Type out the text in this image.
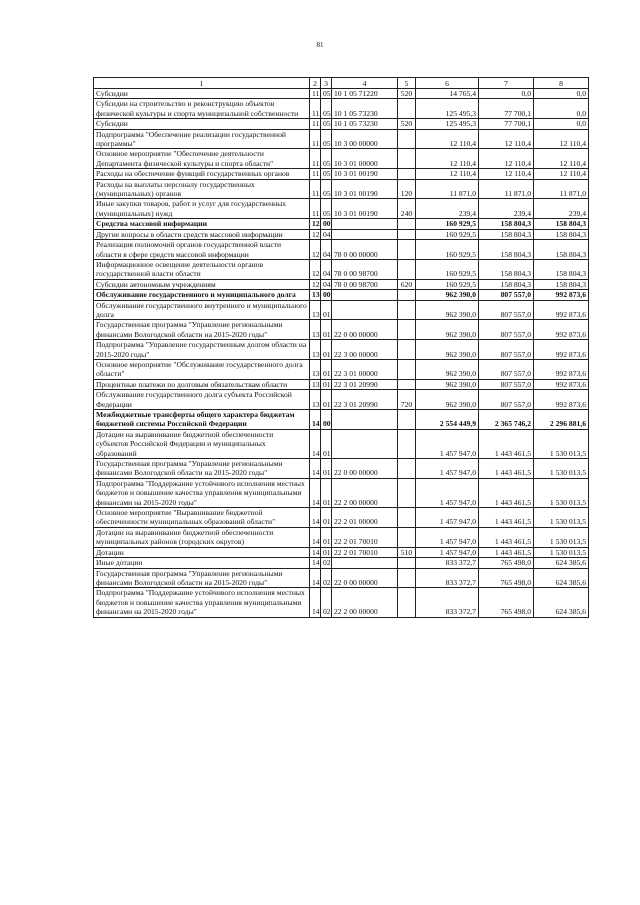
81
1	2	3	4	5	6	7	8
Субсидии	11	05	10 1 05 71220	520	14 765,4	0,0	0,0
Субсидии на строительство и реконструкцию объектов физической культуры и спорта муниципальной собственности	11	05	10 1 05 73230		125 495,3	77 700,1	0,0
Субсидии	11	05	10 1 05 73230	520	125 495,3	77 700,1	0,0
Подпрограмма "Обеспечение реализации государственной программы"	11	05	10 3 00 00000		12 110,4	12 110,4	12 110,4
Основное мероприятие "Обеспечение деятельности Департамента физической культуры и спорта области"	11	05	10 3 01 00000		12 110,4	12 110,4	12 110,4
Расходы на обеспечение функций государственных органов	11	05	10 3 01 00190		12 110,4	12 110,4	12 110,4
Расходы на выплаты персоналу государственных (муниципальных) органов	11	05	10 3 01 00190	120	11 871,0	11 871,0	11 871,0
Иные закупки товаров, работ и услуг для государственных (муниципальных) нужд	11	05	10 3 01 00190	240	239,4	239,4	239,4
Средства массовой информации	12	00			160 929,5	158 804,3	158 804,3
Другие вопросы в области средств массовой информации	12	04			160 929,5	158 804,3	158 804,3
Реализация полномочий органов государственной власти области в сфере средств массовой информации	12	04	78 0 00 00000		160 929,5	158 804,3	158 804,3
Информационное освещение деятельности органов государственной власти области	12	04	78 0 00 98700		160 929,5	158 804,3	158 804,3
Субсидии автономным учреждениям	12	04	78 0 00 98700	620	160 929,5	158 804,3	158 804,3
Обслуживание государственного и муниципального долга	13	00			962 390,0	807 557,0	992 873,6
Обслуживание государственного внутреннего и муниципального долга	13	01			962 390,0	807 557,0	992 873,6
Государственная программа "Управление региональными финансами Вологодской области на 2015-2020 годы"	13	01	22 0 00 00000		962 390,0	807 557,0	992 873,6
Подпрограмма "Управление государственным долгом области на 2015-2020 годы"	13	01	22 3 00 00000		962 390,0	807 557,0	992 873,6
Основное мероприятие "Обслуживание государственного долга области"	13	01	22 3 01 00000		962 390,0	807 557,0	992 873,6
Процентные платежи по долговым обязательствам области	13	01	22 3 01 20990		962 390,0	807 557,0	992 873,6
Обслуживание государственного долга субъекта Российской Федерации	13	01	22 3 01 20990	720	962 390,0	807 557,0	992 873,6
Межбюджетные трансферты общего характера бюджетам бюджетной системы Российской Федерации	14	00			2 554 449,9	2 365 746,2	2 296 881,6
Дотации на выравнивание бюджетной обеспеченности субъектов Российской Федерации и муниципальных образований	14	01			1 457 947,0	1 443 461,5	1 530 013,5
Государственная программа "Управление региональными финансами Вологодской области на 2015-2020 годы"	14	01	22 0 00 00000		1 457 947,0	1 443 461,5	1 530 013,5
Подпрограмма "Поддержание устойчивого исполнения местных бюджетов и повышение качества управления муниципальными финансами на 2015-2020 годы"	14	01	22 2 00 00000		1 457 947,0	1 443 461,5	1 530 013,5
Основное мероприятие "Выравнивание бюджетной обеспеченности муниципальных образований области"	14	01	22 2 01 00000		1 457 947,0	1 443 461,5	1 530 013,5
Дотации на выравнивание бюджетной обеспеченности муниципальных районов (городских округов)	14	01	22 2 01 70010		1 457 947,0	1 443 461,5	1 530 013,5
Дотации	14	01	22 2 01 70010	510	1 457 947,0	1 443 461,5	1 530 013,5
Иные дотации	14	02			833 372,7	765 498,0	624 385,6
Государственная программа "Управление региональными финансами Вологодской области на 2015-2020 годы"	14	02	22 0 00 00000		833 372,7	765 498,0	624 385,6
Подпрограмма "Поддержание устойчивого исполнения местных бюджетов и повышение качества управления муниципальными финансами на 2015-2020 годы"	14	02	22 2 00 00000		833 372,7	765 498,0	624 385,6
